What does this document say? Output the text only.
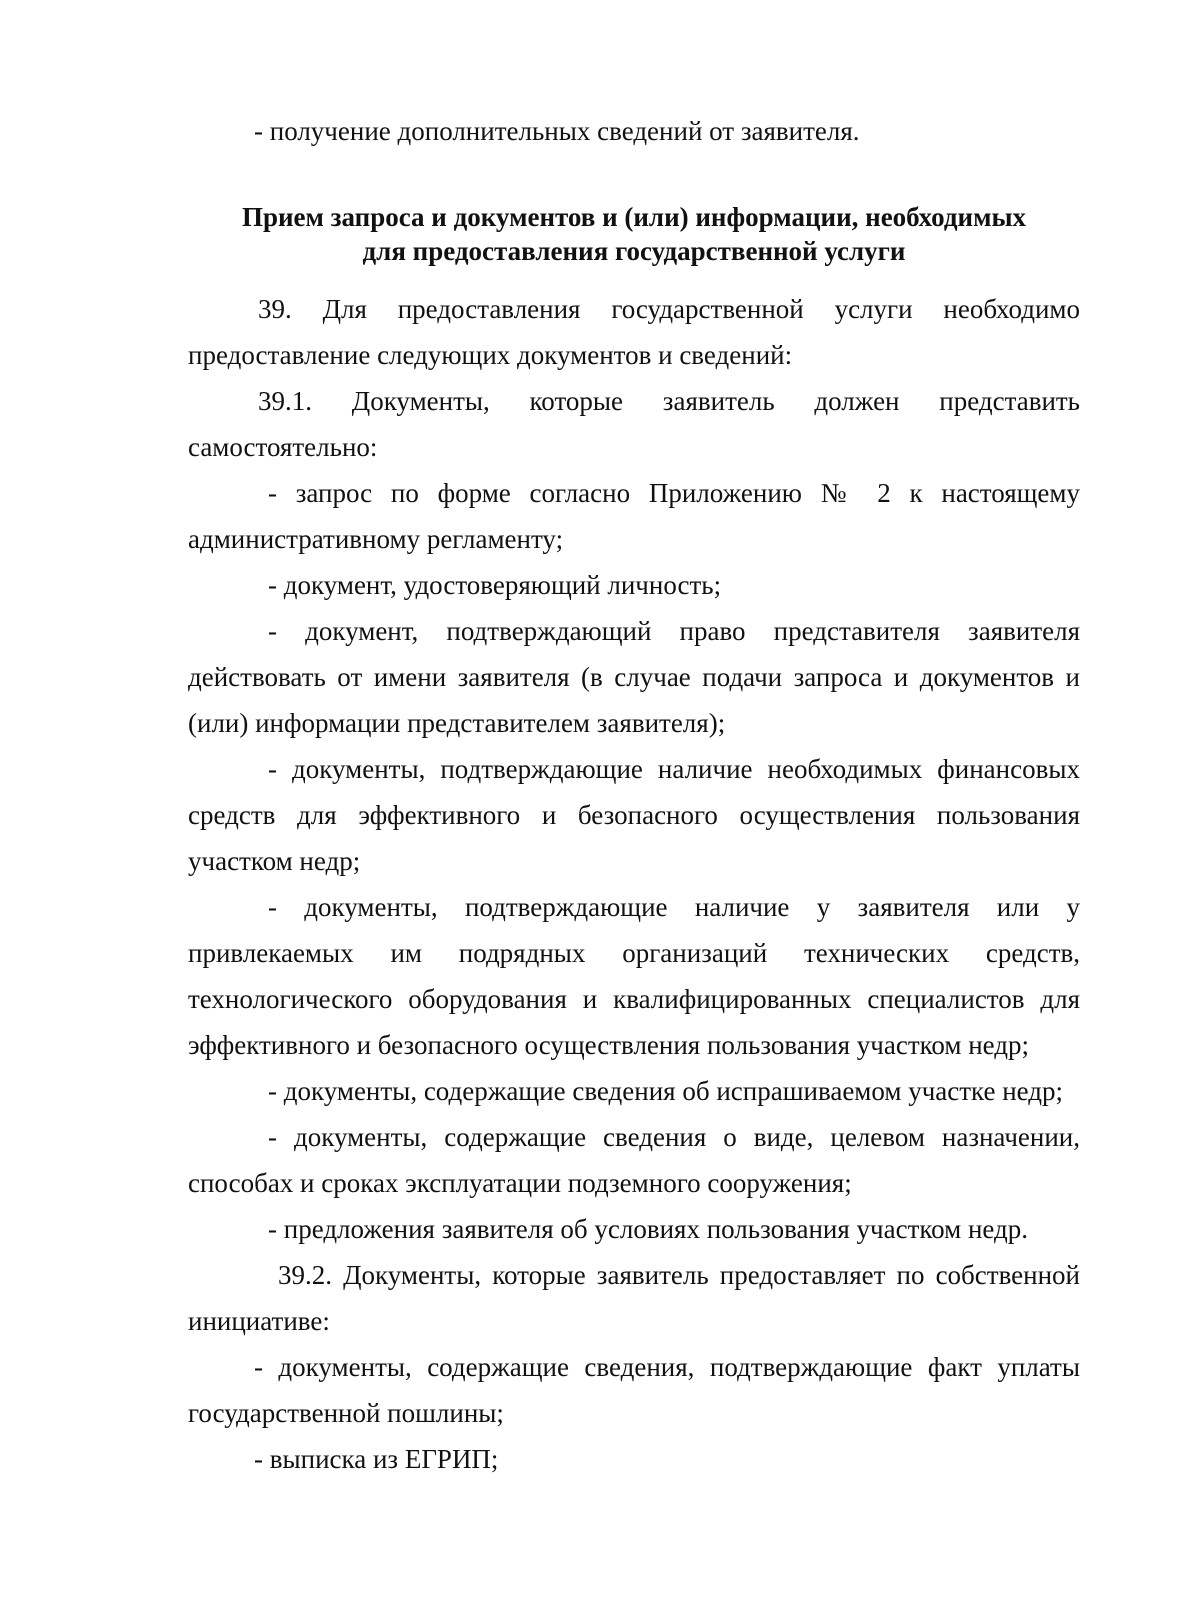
- получение дополнительных сведений от заявителя.

Прием запроса и документов и (или) информации, необходимых
для предоставления государственной услуги

39. Для предоставления государственной услуги необходимо предоставление следующих документов и сведений:

39.1. Документы, которые заявитель должен представить самостоятельно:

- запрос по форме согласно Приложению № 2 к настоящему административному регламенту;

- документ, удостоверяющий личность;

- документ, подтверждающий право представителя заявителя действовать от имени заявителя (в случае подачи запроса и документов и (или) информации представителем заявителя);

- документы, подтверждающие наличие необходимых финансовых средств для эффективного и безопасного осуществления пользования участком недр;

- документы, подтверждающие наличие у заявителя или у привлекаемых им подрядных организаций технических средств, технологического оборудования и квалифицированных специалистов для эффективного и безопасного осуществления пользования участком недр;

- документы, содержащие сведения об испрашиваемом участке недр;

- документы, содержащие сведения о виде, целевом назначении, способах и сроках эксплуатации подземного сооружения;

- предложения заявителя об условиях пользования участком недр.

39.2. Документы, которые заявитель предоставляет по собственной инициативе:

- документы, содержащие сведения, подтверждающие факт уплаты государственной пошлины;

- выписка из ЕГРИП;
